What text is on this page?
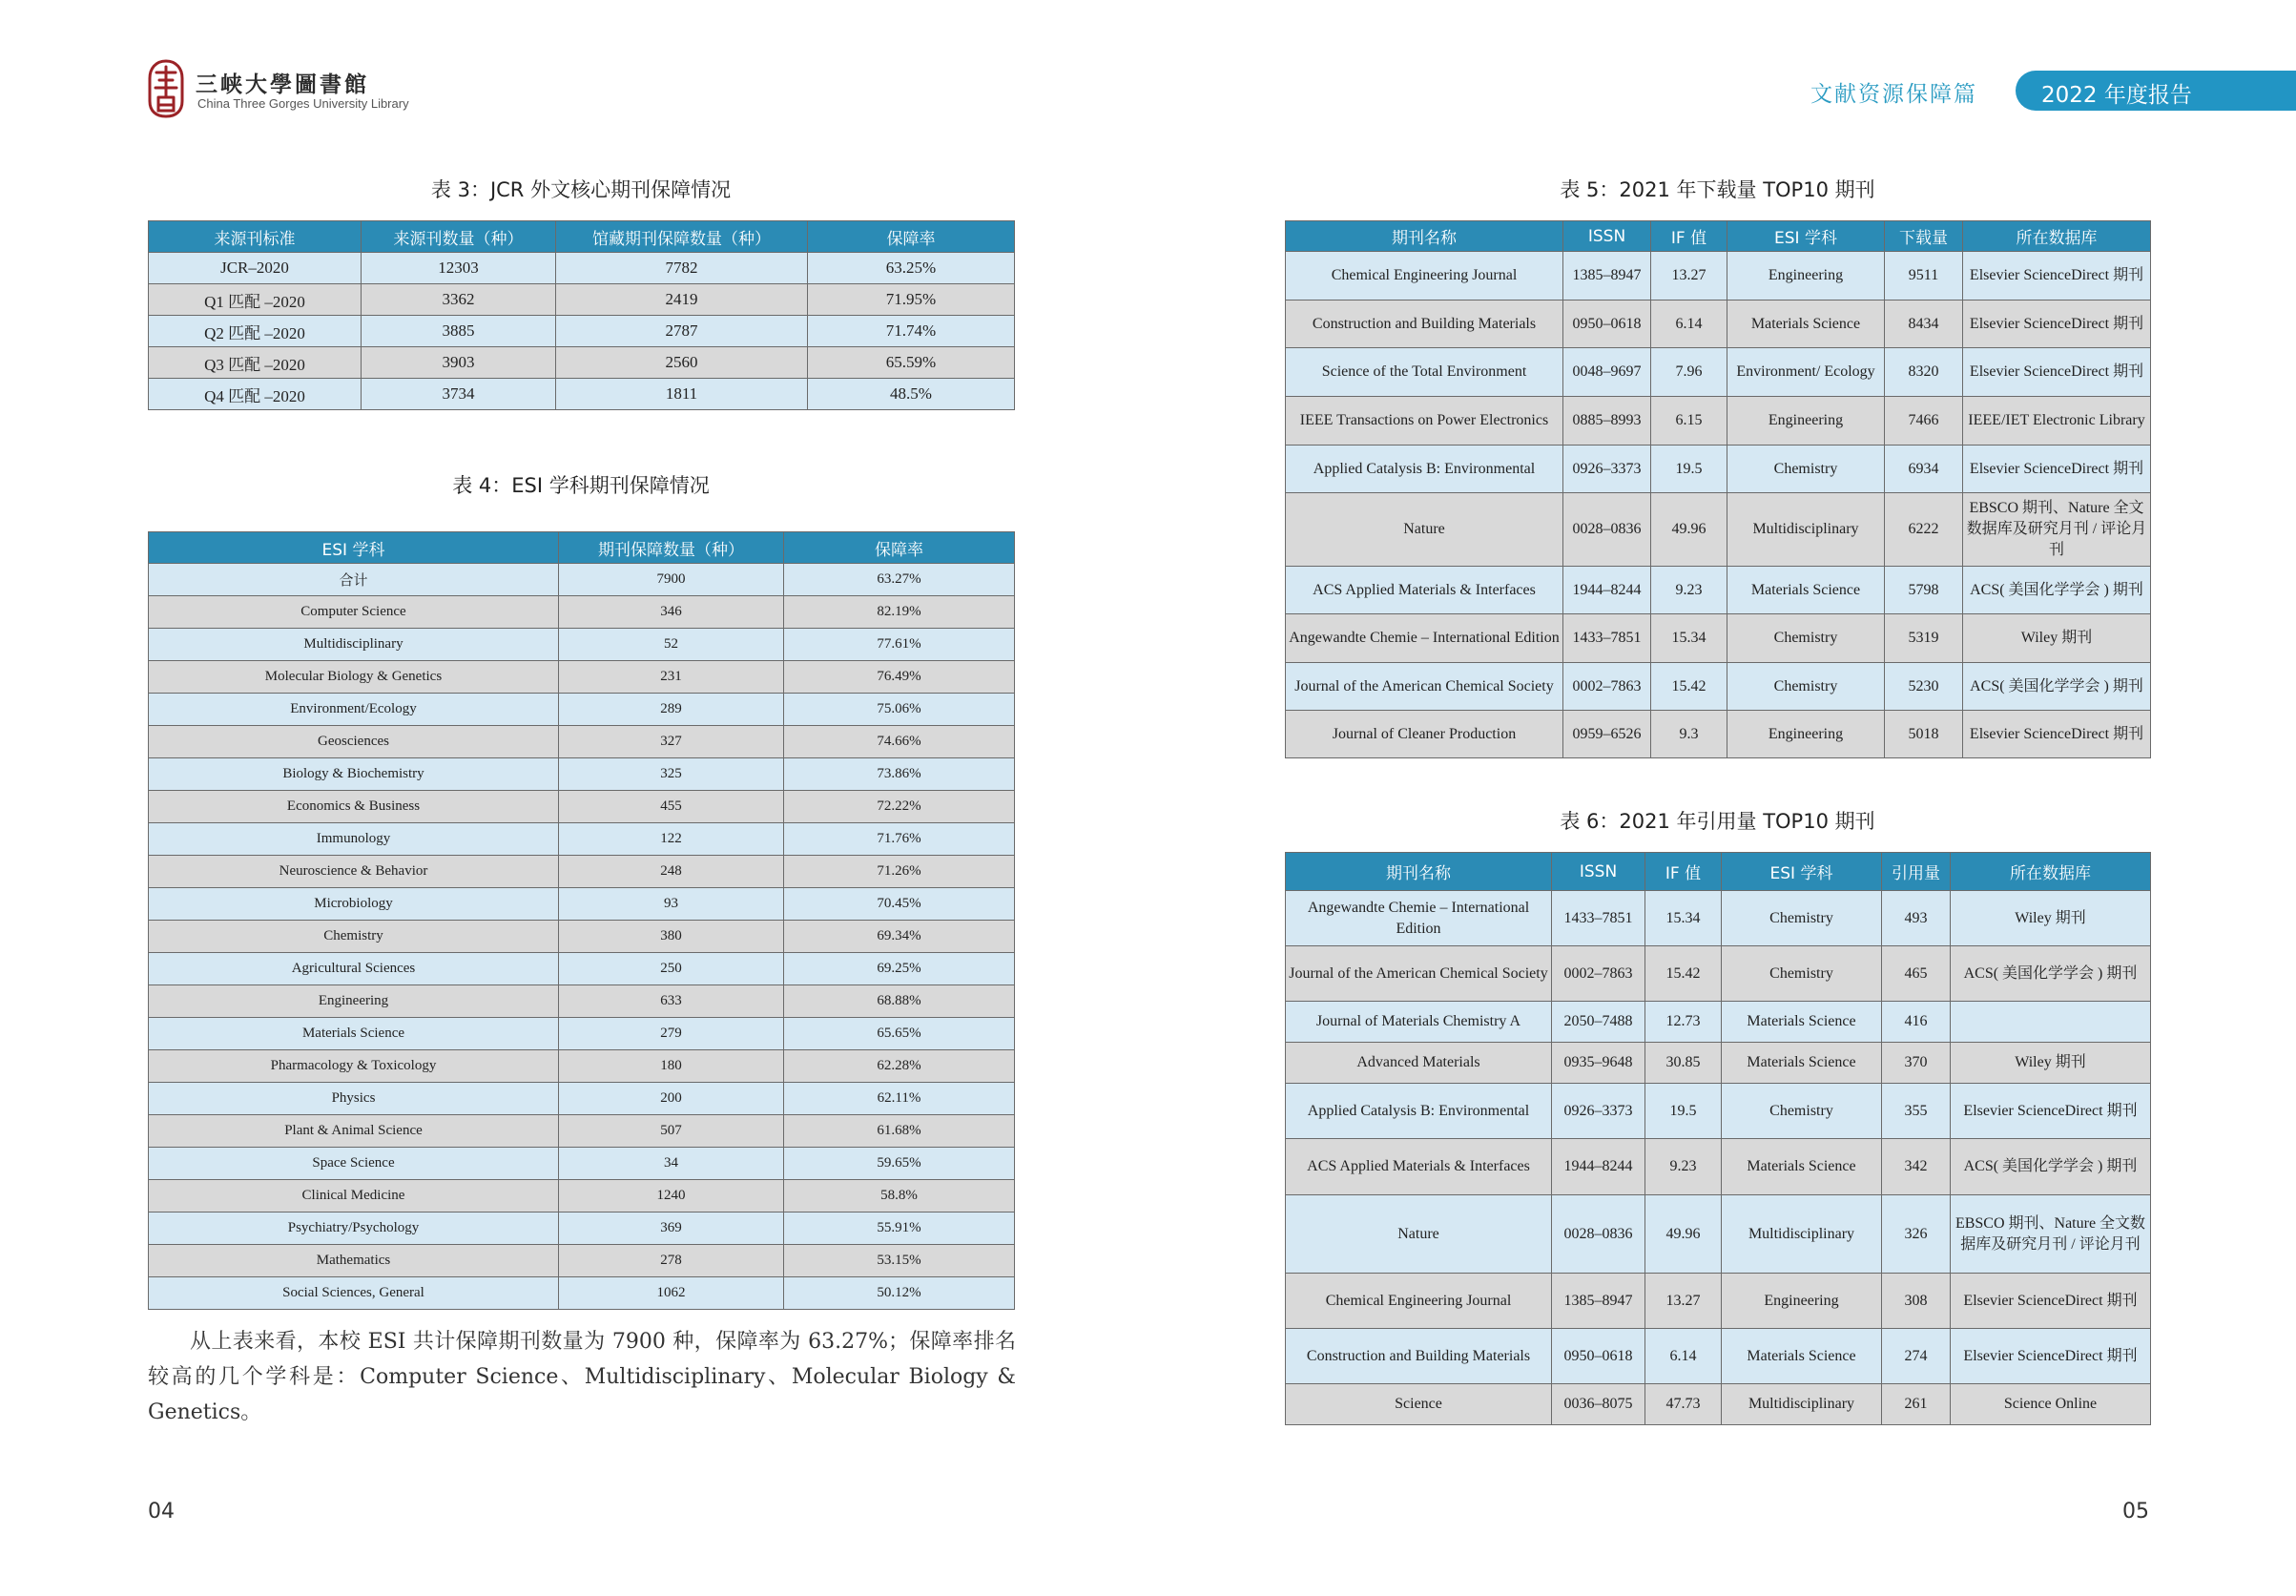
三峡大學圖書館
China Three Gorges University Library	文献资源保障篇	2022 年度报告
表 3：JCR 外文核心期刊保障情况
来源刊标准	来源刊数量（种）	馆藏期刊保障数量（种）	保障率
JCR–2020	12303	7782	63.25%
Q1 匹配 –2020	3362	2419	71.95%
Q2 匹配 –2020	3885	2787	71.74%
Q3 匹配 –2020	3903	2560	65.59%
Q4 匹配 –2020	3734	1811	48.5%
表 4：ESI 学科期刊保障情况
ESI 学科	期刊保障数量（种）	保障率
合计	7900	63.27%
Computer Science	346	82.19%
Multidisciplinary	52	77.61%
Molecular Biology & Genetics	231	76.49%
Environment/Ecology	289	75.06%
Geosciences	327	74.66%
Biology & Biochemistry	325	73.86%
Economics & Business	455	72.22%
Immunology	122	71.76%
Neuroscience & Behavior	248	71.26%
Microbiology	93	70.45%
Chemistry	380	69.34%
Agricultural Sciences	250	69.25%
Engineering	633	68.88%
Materials Science	279	65.65%
Pharmacology & Toxicology	180	62.28%
Physics	200	62.11%
Plant & Animal Science	507	61.68%
Space Science	34	59.65%
Clinical Medicine	1240	58.8%
Psychiatry/Psychology	369	55.91%
Mathematics	278	53.15%
Social Sciences, General	1062	50.12%
从上表来看，本校 ESI 共计保障期刊数量为 7900 种，保障率为 63.27%；保障率排名较高的几个学科是：Computer Science、Multidisciplinary、Molecular Biology & Genetics。
04
表 5：2021 年下载量 TOP10 期刊
期刊名称	ISSN	IF 值	ESI 学科	下载量	所在数据库
Chemical Engineering Journal	1385–8947	13.27	Engineering	9511	Elsevier ScienceDirect 期刊
Construction and Building Materials	0950–0618	6.14	Materials Science	8434	Elsevier ScienceDirect 期刊
Science of the Total Environment	0048–9697	7.96	Environment/ Ecology	8320	Elsevier ScienceDirect 期刊
IEEE Transactions on Power Electronics	0885–8993	6.15	Engineering	7466	IEEE/IET Electronic Library
Applied Catalysis B: Environmental	0926–3373	19.5	Chemistry	6934	Elsevier ScienceDirect 期刊
Nature	0028–0836	49.96	Multidisciplinary	6222	EBSCO 期刊、Nature 全文数据库及研究月刊 / 评论月刊
ACS Applied Materials & Interfaces	1944–8244	9.23	Materials Science	5798	ACS( 美国化学学会 ) 期刊
Angewandte Chemie – International Edition	1433–7851	15.34	Chemistry	5319	Wiley 期刊
Journal of the American Chemical Society	0002–7863	15.42	Chemistry	5230	ACS( 美国化学学会 ) 期刊
Journal of Cleaner Production	0959–6526	9.3	Engineering	5018	Elsevier ScienceDirect 期刊
表 6：2021 年引用量 TOP10 期刊
期刊名称	ISSN	IF 值	ESI 学科	引用量	所在数据库
Angewandte Chemie – International Edition	1433–7851	15.34	Chemistry	493	Wiley 期刊
Journal of the American Chemical Society	0002–7863	15.42	Chemistry	465	ACS( 美国化学学会 ) 期刊
Journal of Materials Chemistry A	2050–7488	12.73	Materials Science	416	
Advanced Materials	0935–9648	30.85	Materials Science	370	Wiley 期刊
Applied Catalysis B: Environmental	0926–3373	19.5	Chemistry	355	Elsevier ScienceDirect 期刊
ACS Applied Materials & Interfaces	1944–8244	9.23	Materials Science	342	ACS( 美国化学学会 ) 期刊
Nature	0028–0836	49.96	Multidisciplinary	326	EBSCO 期刊、Nature 全文数据库及研究月刊 / 评论月刊
Chemical Engineering Journal	1385–8947	13.27	Engineering	308	Elsevier ScienceDirect 期刊
Construction and Building Materials	0950–0618	6.14	Materials Science	274	Elsevier ScienceDirect 期刊
Science	0036–8075	47.73	Multidisciplinary	261	Science Online
05
